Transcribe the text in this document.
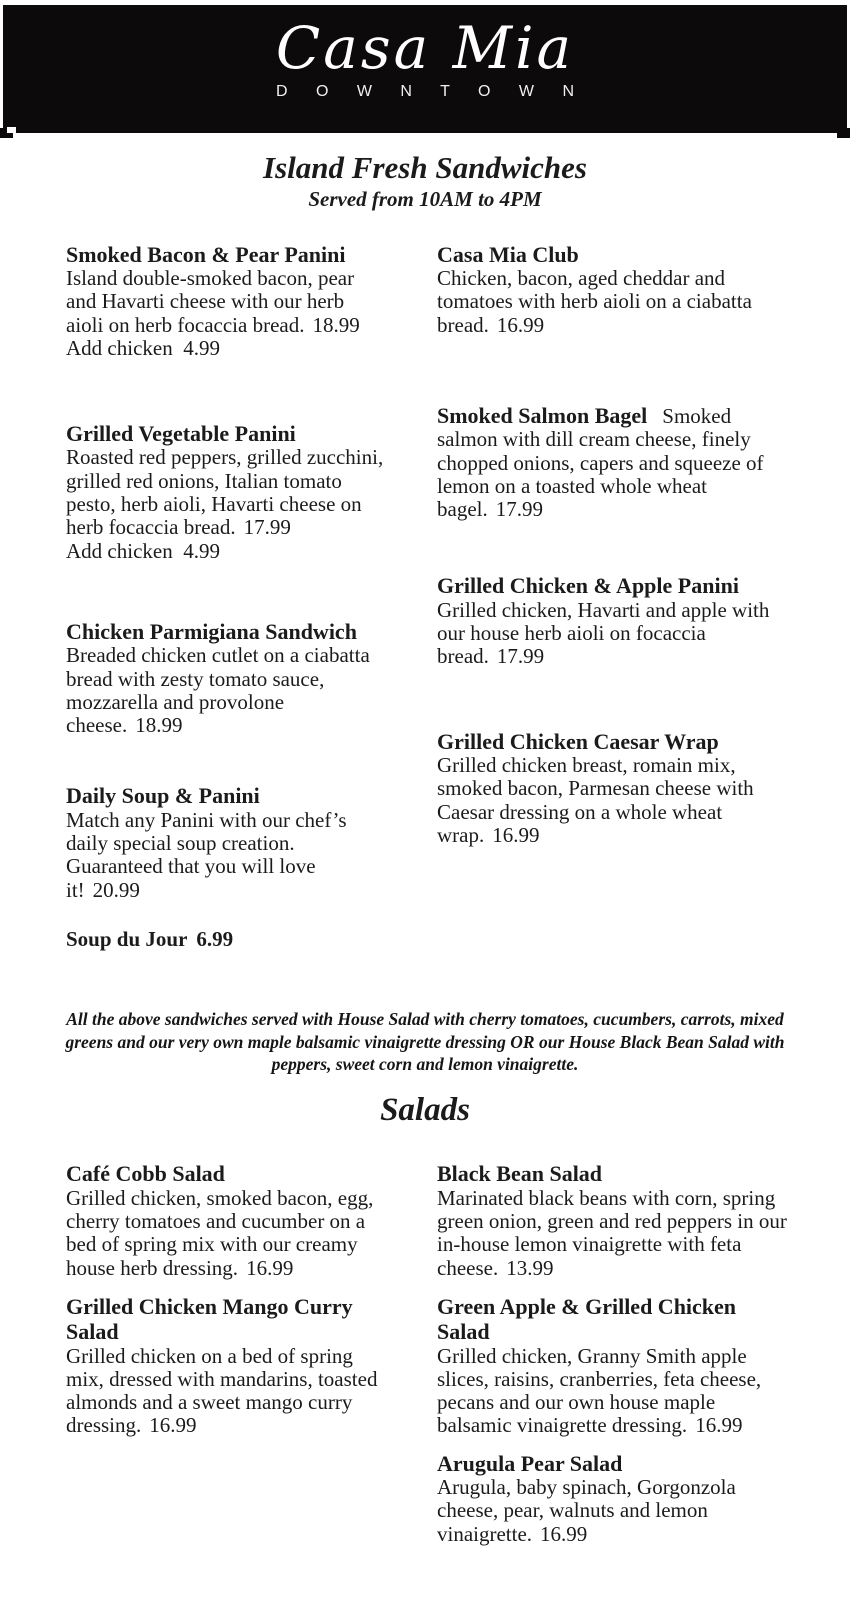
Casa Mia
D O W N T O W N
Island Fresh Sandwiches
Served from 10AM to 4PM
Smoked Bacon & Pear Panini

Island double-smoked bacon, pear and Havarti cheese with our herb aioli on herb focaccia bread. 18.99

Add chicken  4.99

Grilled Vegetable Panini

Roasted red peppers, grilled zucchini, grilled red onions, Italian tomato pesto, herb aioli, Havarti cheese on herb focaccia bread. 17.99

Add chicken  4.99

Chicken Parmigiana Sandwich

Breaded chicken cutlet on a ciabatta bread with zesty tomato sauce, mozzarella and provolone cheese. 18.99

Daily Soup & Panini

Match any Panini with our chef’s daily special soup creation. Guaranteed that you will love it! 20.99

Soup du Jour 6.99
Casa Mia Club

Chicken, bacon, aged cheddar and tomatoes with herb aioli on a ciabatta bread. 16.99

Smoked Salmon Bagel Smoked salmon with dill cream cheese, finely chopped onions, capers and squeeze of lemon on a toasted whole wheat bagel. 17.99

Grilled Chicken & Apple Panini

Grilled chicken, Havarti and apple with our house herb aioli on focaccia bread. 17.99

Grilled Chicken Caesar Wrap

Grilled chicken breast, romain mix, smoked bacon, Parmesan cheese with Caesar dressing on a whole wheat wrap. 16.99

All the above sandwiches served with House Salad with cherry tomatoes, cucumbers, carrots, mixed greens and our very own maple balsamic vinaigrette dressing OR our House Black Bean Salad with peppers, sweet corn and lemon vinaigrette.
Salads
Café Cobb Salad

Grilled chicken, smoked bacon, egg, cherry tomatoes and cucumber on a bed of spring mix with our creamy house herb dressing. 16.99

Grilled Chicken Mango Curry Salad

Grilled chicken on a bed of spring mix, dressed with mandarins, toasted almonds and a sweet mango curry dressing. 16.99

Black Bean Salad

Marinated black beans with corn, spring green onion, green and red peppers in our in-house lemon vinaigrette with feta cheese. 13.99

Green Apple & Grilled Chicken Salad

Grilled chicken, Granny Smith apple slices, raisins, cranberries, feta cheese, pecans and our own house maple balsamic vinaigrette dressing. 16.99

Arugula Pear Salad

Arugula, baby spinach, Gorgonzola cheese, pear, walnuts and lemon vinaigrette. 16.99
